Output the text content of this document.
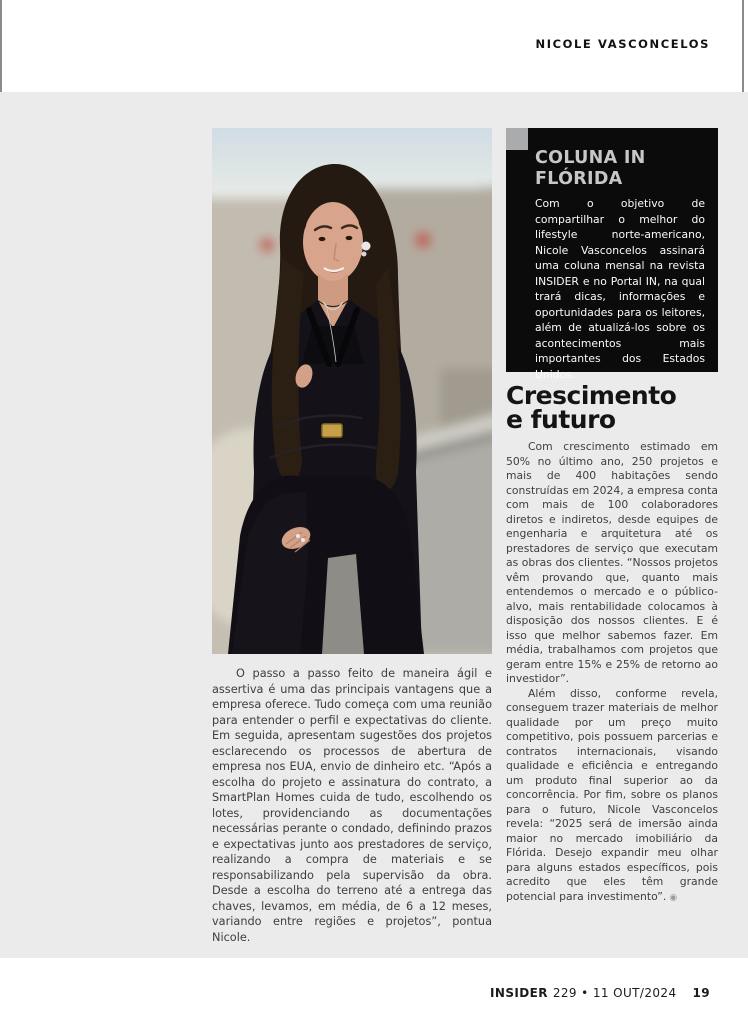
NICOLE VASCONCELOS
COLUNA IN
FLÓRIDA

Com o objetivo de compartilhar o melhor do lifestyle norte-americano, Nicole Vasconcelos assinará uma coluna mensal na revista INSIDER e no Portal IN, na qual trará dicas, informações e oportunidades para os leitores, além de atualizá-los sobre os acontecimentos mais importantes dos Estados Unidos.

Crescimento
e futuro

Com crescimento estimado em 50% no último ano, 250 projetos e mais de 400 habitações sendo construídas em 2024, a empresa conta com mais de 100 colaboradores diretos e indiretos, desde equipes de engenharia e arquitetura até os prestadores de serviço que executam as obras dos clientes. “Nossos projetos vêm provando que, quanto mais entendemos o mercado e o público-alvo, mais rentabilidade colocamos à disposição dos nossos clientes. E é isso que melhor sabemos fazer. Em média, trabalhamos com projetos que geram entre 15% e 25% de retorno ao investidor”.

Além disso, conforme revela, conseguem trazer materiais de melhor qualidade por um preço muito competitivo, pois possuem parcerias e contratos internacionais, visando qualidade e eficiência e entregando um produto final superior ao da concorrência. Por fim, sobre os planos para o futuro, Nicole Vasconcelos revela: “2025 será de imersão ainda maior no mercado imobiliário da Flórida. Desejo expandir meu olhar para alguns estados específicos, pois acredito que eles têm grande potencial para investimento”. ◉

O passo a passo feito de maneira ágil e assertiva é uma das principais vantagens que a empresa oferece. Tudo começa com uma reunião para entender o perfil e expectativas do cliente. Em seguida, apresentam sugestões dos projetos esclarecendo os processos de abertura de empresa nos EUA, envio de dinheiro etc. “Após a escolha do projeto e assinatura do contrato, a SmartPlan Homes cuida de tudo, escolhendo os lotes, providenciando as documentações necessárias perante o condado, definindo prazos e expectativas junto aos prestadores de serviço, realizando a compra de materiais e se responsabilizando pela supervisão da obra. Desde a escolha do terreno até a entrega das chaves, levamos, em média, de 6 a 12 meses, variando entre regiões e projetos”, pontua Nicole.

INSIDER 229 • 11 OUT/2024 19
